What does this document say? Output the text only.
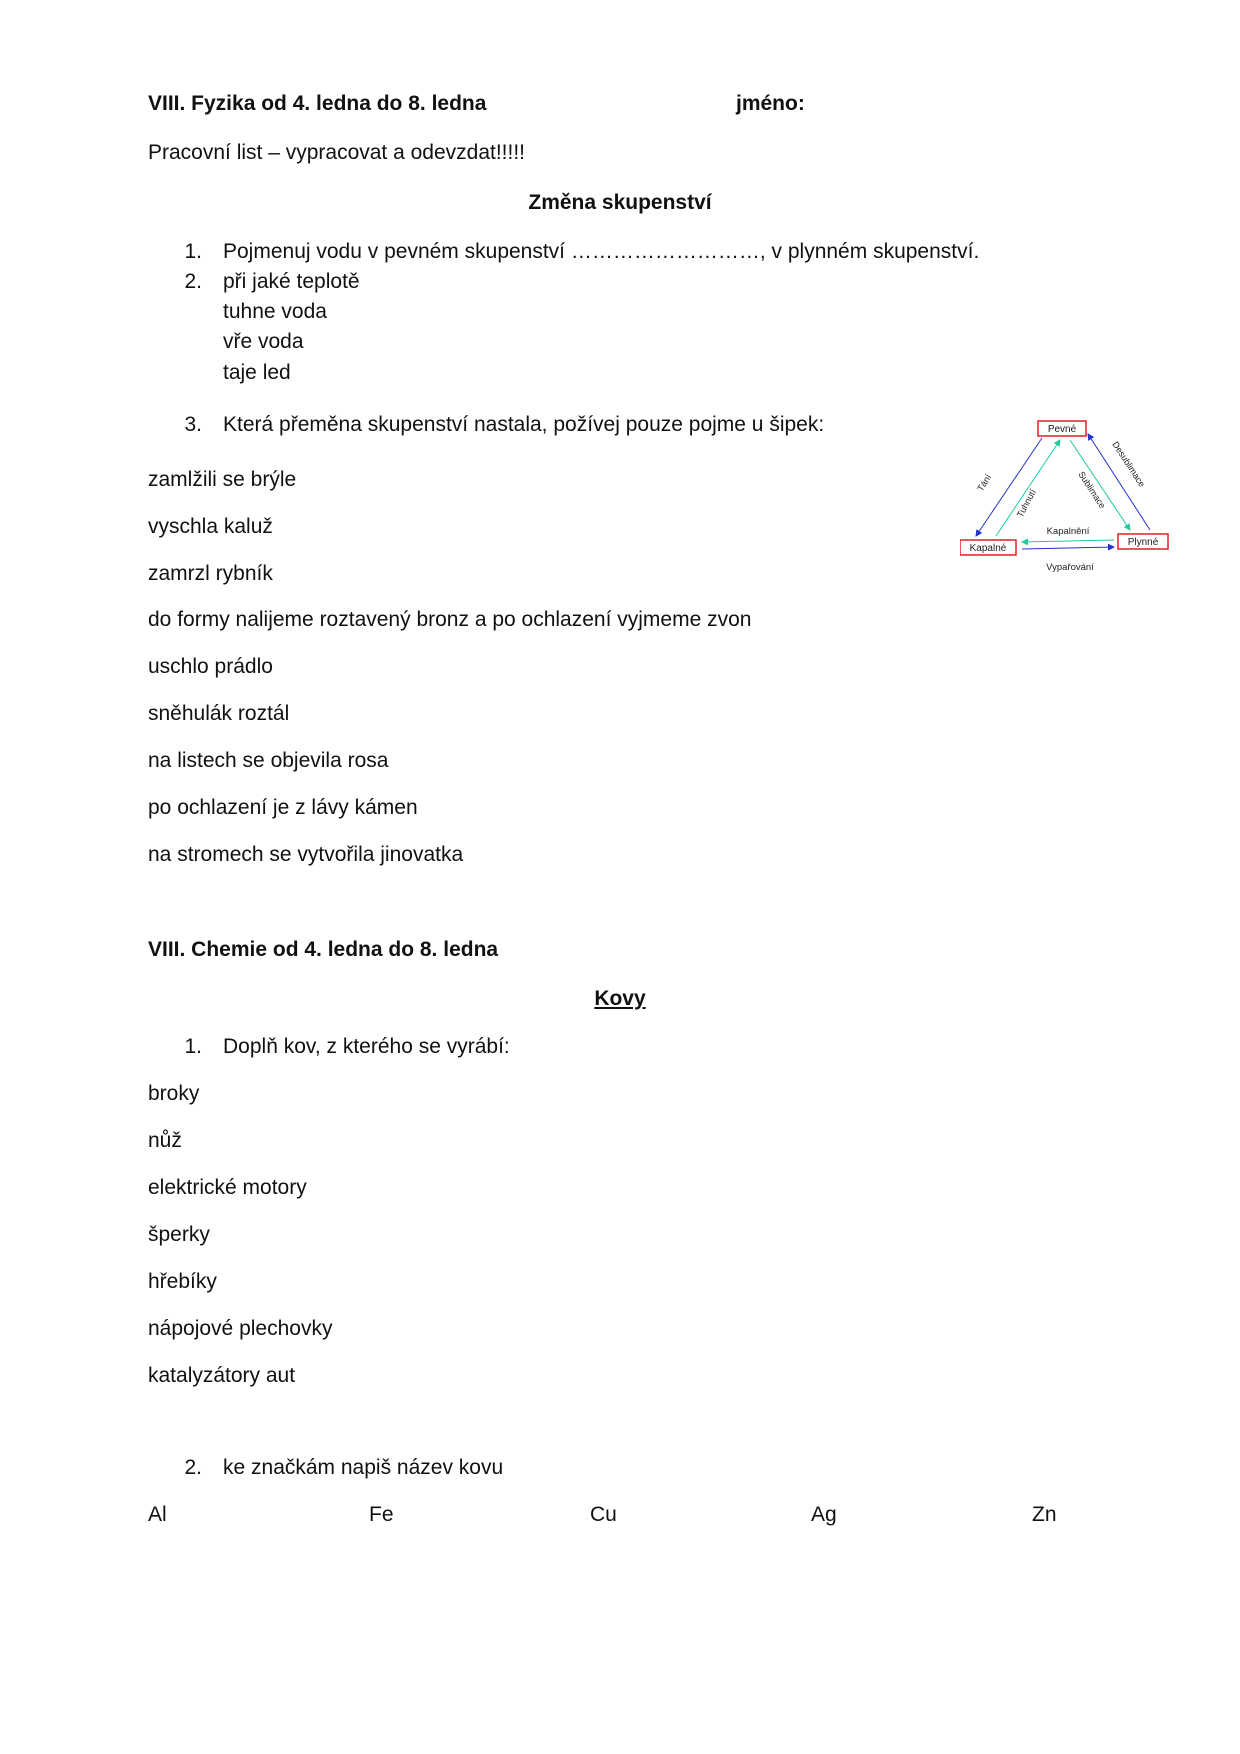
VIII. Fyzika od 4. ledna do 8. ledna	jméno:
Pracovní list – vypracovat a odevzdat!!!!!
Změna skupenství
1. Pojmenuj vodu v pevném skupenství ………………………, v plynném skupenství.
2. při jaké teplotě
tuhne voda
vře voda
taje led
3. Která přeměna skupenství nastala, požívej pouze pojme u šipek:
zamlžili se brýle
vyschla kaluž
zamrzl rybník
do formy nalijeme roztavený bronz a po ochlazení vyjmeme zvon
uschlo prádlo
sněhulák roztál
na listech se objevila rosa
po ochlazení je z lávy kámen
na stromech se vytvořila jinovatka
Pevné
Kapalné
Plynné
Tání
Tuhnutí	Sublimace
Desublimace
Kapalnění
Vypařování
VIII. Chemie od 4. ledna do 8. ledna
Kovy
1. Doplň kov, z kterého se vyrábí:
broky
nůž
elektrické motory
šperky
hřebíky
nápojové plechovky
katalyzátory aut
2. ke značkám napiš název kovu
Al	Fe	Cu	Ag	Zn
